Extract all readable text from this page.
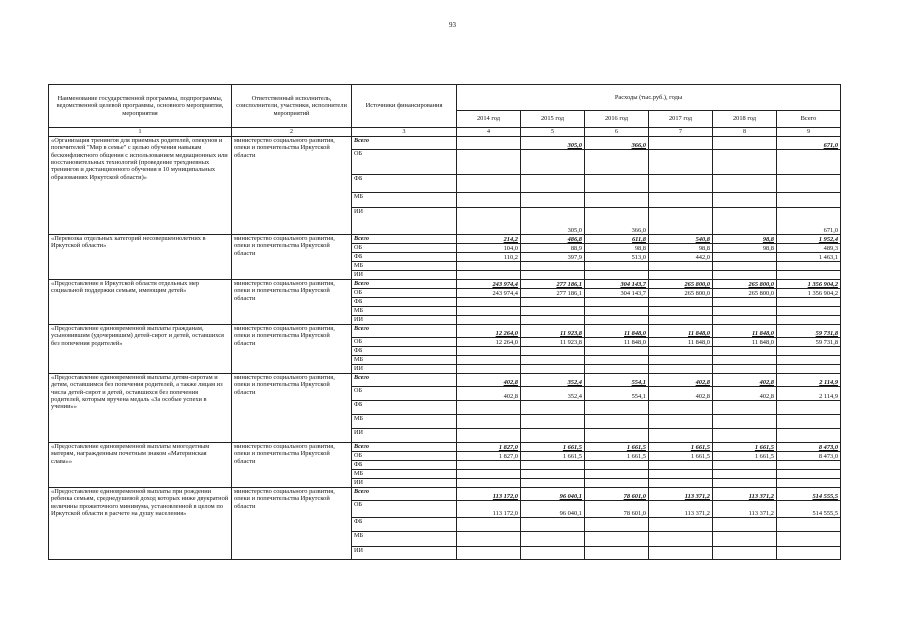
93
Наименование государственной программы, подпрограммы, ведомственной целевой программы, основного мероприятия, мероприятия	Ответственный исполнитель, соисполнители, участники, исполнители мероприятий	Источники финансирования	Расходы (тыс.руб.), годы					
			2014 год	2015 год	2016 год	2017 год	2018 год	Всего
1	2	3	4	5	6	7	8	9
«Организация тренингов для приемных родителей, опекунов и попечителей "Мир в семье" с целью обучения навыкам бесконфликтного общения с использованием медиационных или восстановительных технологий (проведение трехдневных тренингов и дистанционного обучения в 10 муниципальных образованиях Иркутской области)»	министерство социального развития, опеки и попечительства Иркутской области	Всего		305,0	366,0			671,0
		ОБ						
		ФБ						
		МБ						
		ИИ		305,0	366,0			671,0
«Перевозка отдельных категорий несовершеннолетних в Иркутской области»	министерство социального развития, опеки и попечительства Иркутской области	Всего	214,2	486,8	611,8	540,8	98,8	1 952,4
		ОБ	104,0	88,9	98,8	98,8	98,8	489,3
		ФБ	110,2	397,9	513,0	442,0		1 463,1
		МБ						
		ИИ						
«Предоставление в Иркутской области отдельных мер социальной поддержки семьям, имеющим детей»	министерство социального развития, опеки и попечительства Иркутской области	Всего	243 974,4	277 186,1	304 143,7	265 800,0	265 800,0	1 356 904,2
		ОБ	243 974,4	277 186,1	304 143,7	265 800,0	265 800,0	1 356 904,2
		ФБ						
		МБ						
		ИИ						
«Предоставление единовременной выплаты гражданам, усыновившим (удочерившим) детей-сирот и детей, оставшихся без попечения родителей»	министерство социального развития, опеки и попечительства Иркутской области	Всего	12 264,0	11 923,8	11 848,0	11 848,0	11 848,0	59 731,8
		ОБ	12 264,0	11 923,8	11 848,0	11 848,0	11 848,0	59 731,8
		ФБ						
		МБ						
		ИИ						
«Предоставление единовременной выплаты детям-сиротам и детям, оставшимся без попечения родителей, а также лицам из числа детей-сирот и детей, оставшихся без попечения родителей, которым вручена медаль «За особые успехи в учении»»	министерство социального развития, опеки и попечительства Иркутской области	Всего	402,8	352,4	554,1	402,8	402,8	2 114,9
		ОБ	402,8	352,4	554,1	402,8	402,8	2 114,9
		ФБ						
		МБ						
		ИИ						
«Предоставление единовременной выплаты многодетным матерям, награжденным почетным знаком «Материнская слава»»	министерство социального развития, опеки и попечительства Иркутской области	Всего	1 827,0	1 661,5	1 661,5	1 661,5	1 661,5	8 473,0
		ОБ	1 827,0	1 661,5	1 661,5	1 661,5	1 661,5	8 473,0
		ФБ						
		МБ						
		ИИ						
«Предоставление единовременной выплаты при рождении ребенка семьям, среднедушевой доход которых ниже двукратной величины прожиточного минимума, установленной в целом по Иркутской области в расчете на душу населения»	министерство социального развития, опеки и попечительства Иркутской области	Всего	113 172,0	96 040,1	78 601,0	113 371,2	113 371,2	514 555,5
		ОБ	113 172,0	96 040,1	78 601,0	113 371,2	113 371,2	514 555,5
		ФБ						
		МБ						
		ИИ						
